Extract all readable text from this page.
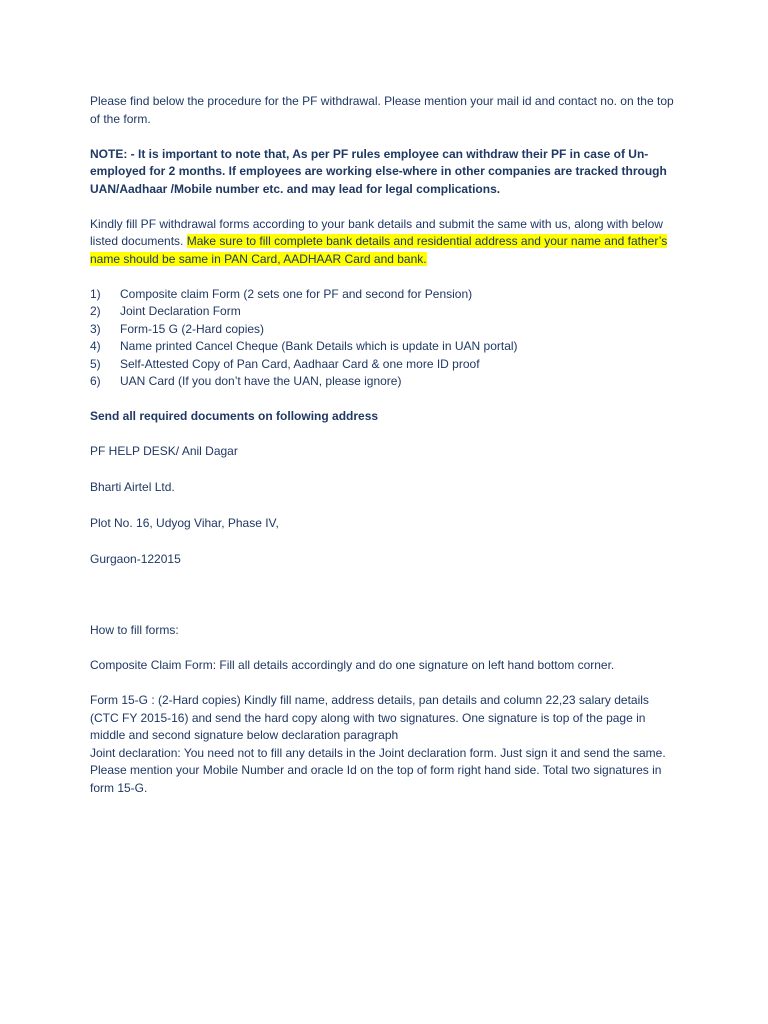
Please find below the procedure for the PF withdrawal. Please mention your mail id and contact no. on the top of the form.

NOTE: - It is important to note that, As per PF rules employee can withdraw their PF in case of Un-employed for 2 months. If employees are working else-where in other companies are tracked through UAN/Aadhaar /Mobile number etc. and may lead for legal complications.

Kindly fill PF withdrawal forms according to your bank details and submit the same with us, along with below listed documents. Make sure to fill complete bank details and residential address and your name and father’s name should be same in PAN Card, AADHAAR Card and bank.

1)	Composite claim Form (2 sets one for PF and second for Pension)
2)	Joint Declaration Form
3)	Form-15 G (2-Hard copies)
4)	Name printed Cancel Cheque (Bank Details which is update in UAN portal)
5)	Self-Attested Copy of Pan Card, Aadhaar Card & one more ID proof
6)	UAN Card (If you don’t have the UAN, please ignore)

Send all required documents on following address

PF HELP DESK/ Anil Dagar

Bharti Airtel Ltd.

Plot No. 16, Udyog Vihar, Phase IV,

Gurgaon-122015

How to fill forms:

Composite Claim Form: Fill all details accordingly and do one signature on left hand bottom corner.

Form 15-G : (2-Hard copies) Kindly fill name, address details, pan details and column 22,23 salary details (CTC FY 2015-16) and send the hard copy along with two signatures. One signature is top of the page in middle and second signature below declaration paragraph

Joint declaration: You need not to fill any details in the Joint declaration form. Just sign it and send the same. Please mention your Mobile Number and oracle Id on the top of form right hand side. Total two signatures in form 15-G.
